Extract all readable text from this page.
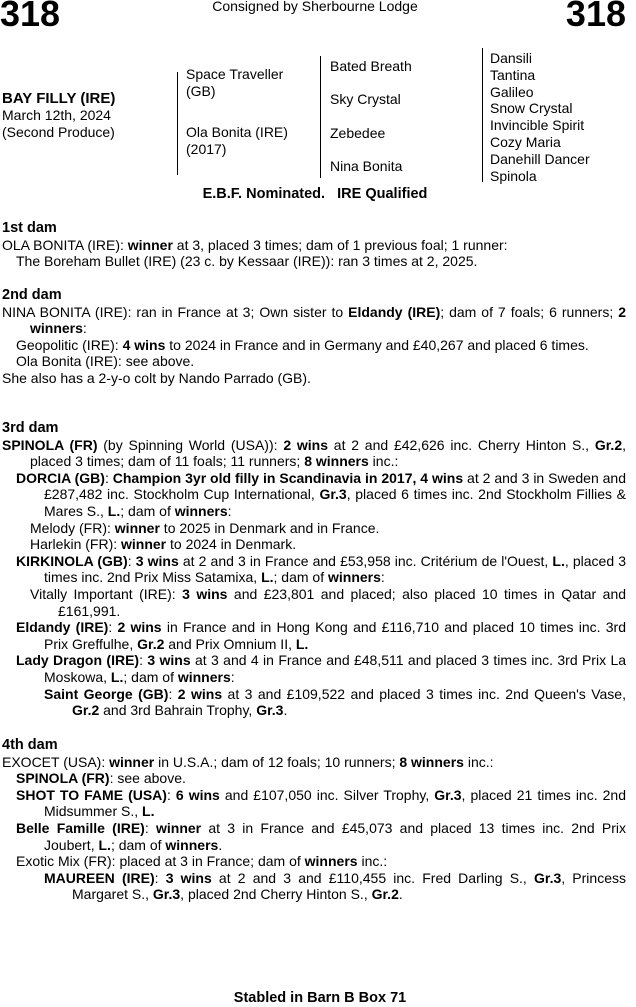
318	Consigned by Sherbourne Lodge	318
BAY FILLY (IRE)
March 12th, 2024
(Second Produce)
Space Traveller
(GB)
Ola Bonita (IRE)
(2017)
Bated Breath
Sky Crystal
Zebedee
Nina Bonita
Dansili
Tantina
Galileo
Snow Crystal
Invincible Spirit
Cozy Maria
Danehill Dancer
Spinola
E.B.F. Nominated.   IRE Qualified
1st dam
OLA BONITA (IRE): winner at 3, placed 3 times; dam of 1 previous foal; 1 runner:
The Boreham Bullet (IRE) (23 c. by Kessaar (IRE)): ran 3 times at 2, 2025.
2nd dam
NINA BONITA (IRE): ran in France at 3; Own sister to Eldandy (IRE); dam of 7 foals; 6 runners; 2 winners:
Geopolitic (IRE): 4 wins to 2024 in France and in Germany and £40,267 and placed 6 times.
Ola Bonita (IRE): see above.
She also has a 2-y-o colt by Nando Parrado (GB).
3rd dam
SPINOLA (FR) (by Spinning World (USA)): 2 wins at 2 and £42,626 inc. Cherry Hinton S., Gr.2, placed 3 times; dam of 11 foals; 11 runners; 8 winners inc.:
DORCIA (GB): Champion 3yr old filly in Scandinavia in 2017, 4 wins at 2 and 3 in Sweden and £287,482 inc. Stockholm Cup International, Gr.3, placed 6 times inc. 2nd Stockholm Fillies & Mares S., L.; dam of winners:
Melody (FR): winner to 2025 in Denmark and in France.
Harlekin (FR): winner to 2024 in Denmark.
KIRKINOLA (GB): 3 wins at 2 and 3 in France and £53,958 inc. Critérium de l'Ouest, L., placed 3 times inc. 2nd Prix Miss Satamixa, L.; dam of winners:
Vitally Important (IRE): 3 wins and £23,801 and placed; also placed 10 times in Qatar and £161,991.
Eldandy (IRE): 2 wins in France and in Hong Kong and £116,710 and placed 10 times inc. 3rd Prix Greffulhe, Gr.2 and Prix Omnium II, L.
Lady Dragon (IRE): 3 wins at 3 and 4 in France and £48,511 and placed 3 times inc. 3rd Prix La Moskowa, L.; dam of winners:
Saint George (GB): 2 wins at 3 and £109,522 and placed 3 times inc. 2nd Queen's Vase, Gr.2 and 3rd Bahrain Trophy, Gr.3.
4th dam
EXOCET (USA): winner in U.S.A.; dam of 12 foals; 10 runners; 8 winners inc.:
SPINOLA (FR): see above.
SHOT TO FAME (USA): 6 wins and £107,050 inc. Silver Trophy, Gr.3, placed 21 times inc. 2nd Midsummer S., L.
Belle Famille (IRE): winner at 3 in France and £45,073 and placed 13 times inc. 2nd Prix Joubert, L.; dam of winners.
Exotic Mix (FR): placed at 3 in France; dam of winners inc.:
MAUREEN (IRE): 3 wins at 2 and 3 and £110,455 inc. Fred Darling S., Gr.3, Princess Margaret S., Gr.3, placed 2nd Cherry Hinton S., Gr.2.
Stabled in Barn B Box 71
